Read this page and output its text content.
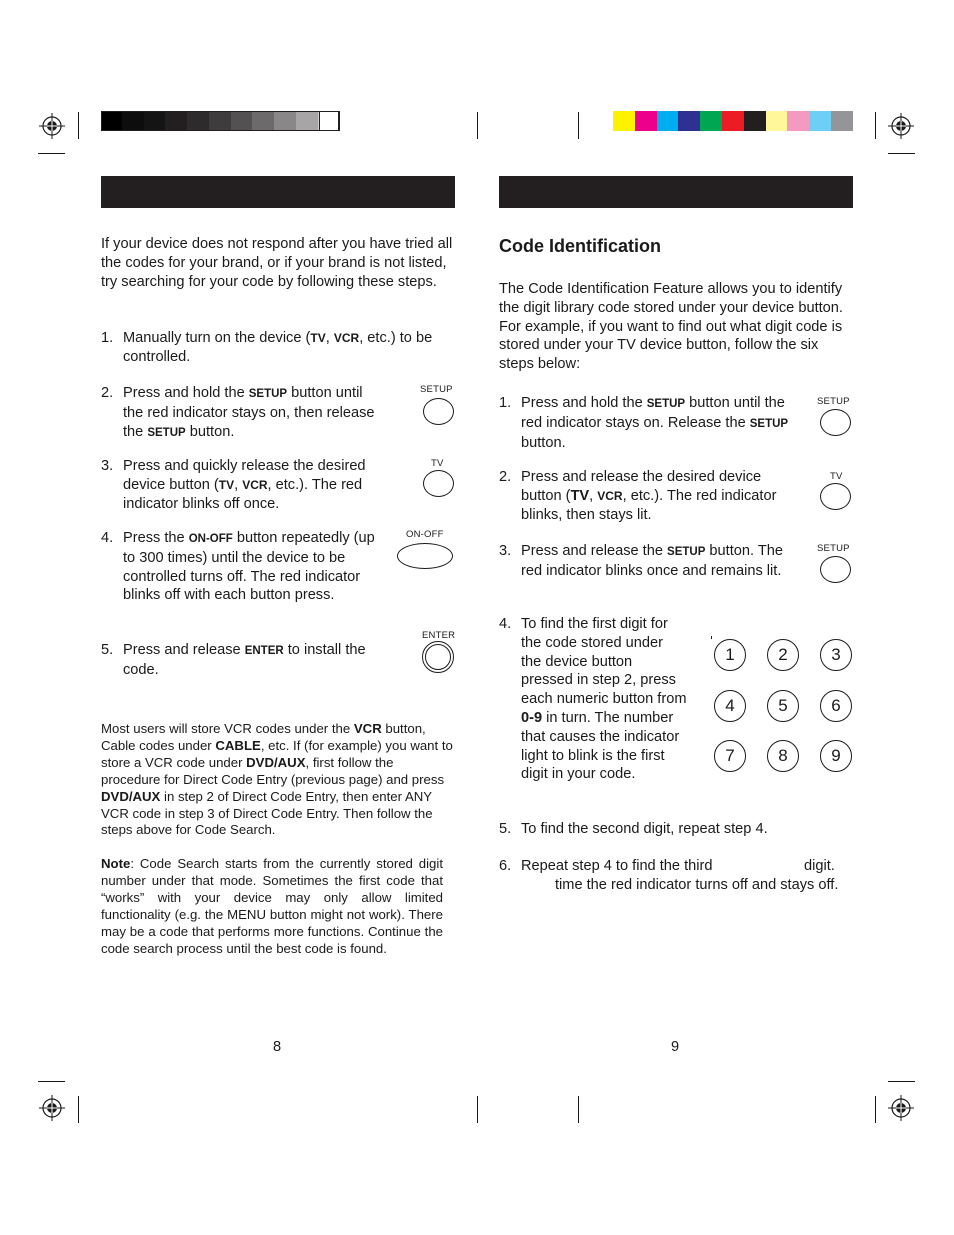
If your device does not respond after you have tried all the codes for your brand, or if your brand is not listed, try searching for your code by following these steps.
1. Manually turn on the device (TV, VCR, etc.) to be controlled.
2. Press and hold the SETUP button until the red indicator stays on, then release the SETUP button.
SETUP
3. Press and quickly release the desired device button (TV, VCR, etc.). The red indicator blinks off once.
TV
4. Press the ON-OFF button repeatedly (up to 300 times) until the device to be controlled turns off. The red indicator blinks off with each button press.
ON-OFF
5. Press and release ENTER to install the code.
ENTER
Most users will store VCR codes under the VCR button, Cable codes under CABLE, etc. If (for example) you want to store a VCR code under DVD/AUX, first follow the procedure for Direct Code Entry (previous page) and press DVD/AUX in step 2 of Direct Code Entry, then enter ANY VCR code in step 3 of Direct Code Entry. Then follow the steps above for Code Search.
Note: Code Search starts from the currently stored digit number under that mode. Sometimes the first code that “works” with your device may only allow limited functionality (e.g. the MENU button might not work). There may be a code that performs more functions. Continue the code search process until the best code is found.
8
Code Identification
The Code Identification Feature allows you to identify the digit library code stored under your device button. For example, if you want to find out what digit code is stored under your TV device button, follow the six steps below:
1. Press and hold the SETUP button until the red indicator stays on. Release the SETUP button.
SETUP
2. Press and release the desired device button (TV, VCR, etc.). The red indicator blinks, then stays lit.
TV
3. Press and release the SETUP button. The red indicator blinks once and remains lit.
SETUP
4. To find the first digit for the code stored under the device button pressed in step 2, press each numeric button from 0-9 in turn. The number that causes the indicator light to blink is the first digit in your code.
1	2	3
4	5	6
7	8	9
5. To find the second digit, repeat step 4.
6. Repeat step 4 to find the third	digit.
time the red indicator turns off and stays off.
9
